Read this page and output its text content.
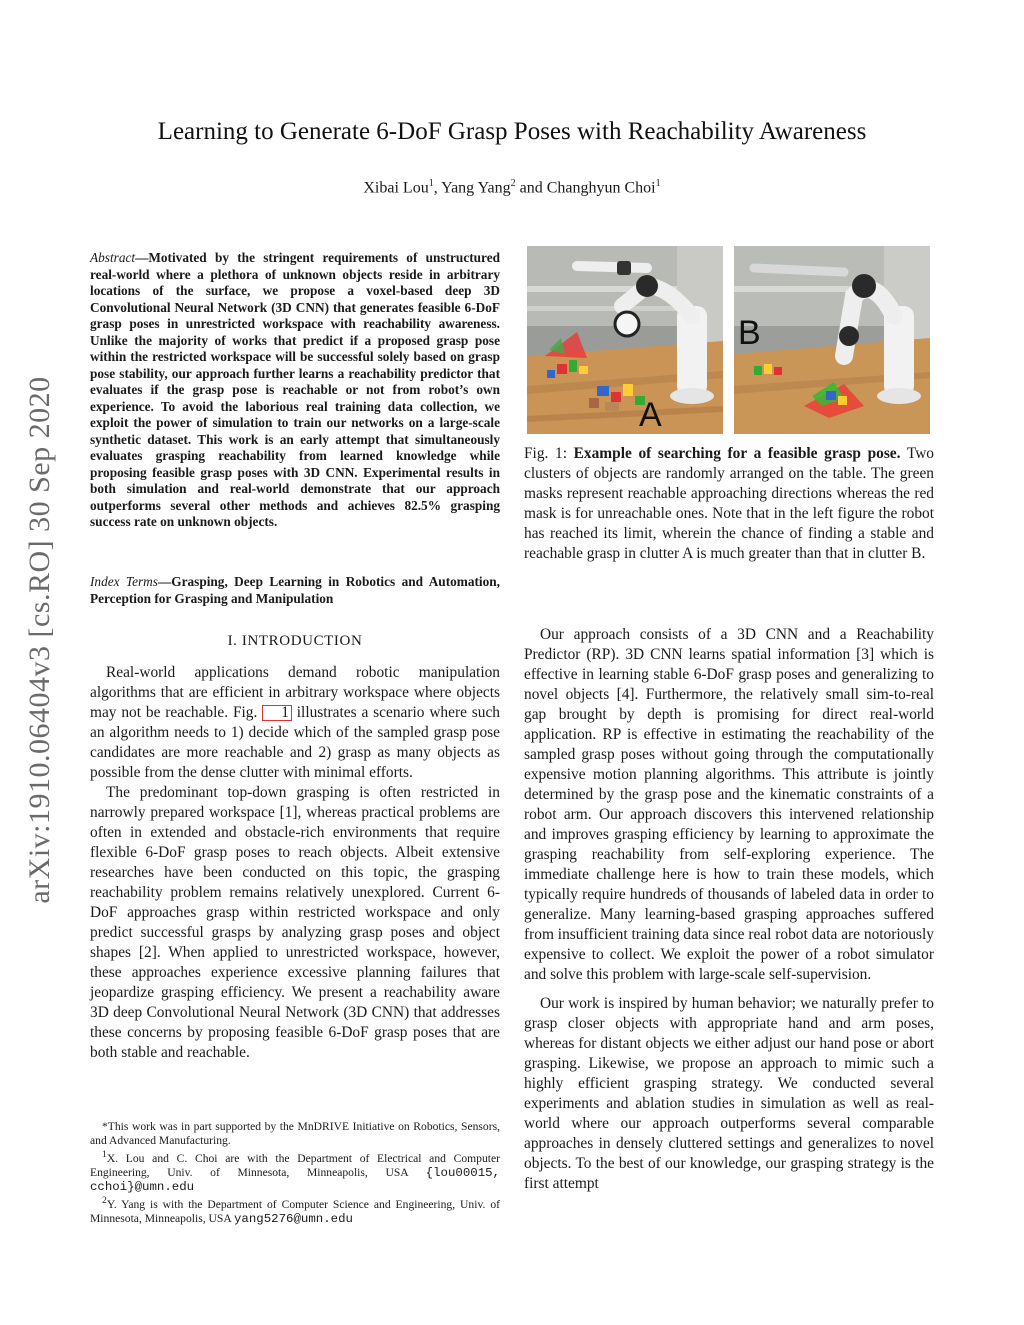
arXiv:1910.06404v3 [cs.RO] 30 Sep 2020
Learning to Generate 6-DoF Grasp Poses with Reachability Awareness
Xibai Lou$^1$, Yang Yang$^2$ and Changhyun Choi$^1$
Abstract—Motivated by the stringent requirements of unstructured real-world where a plethora of unknown objects reside in arbitrary locations of the surface, we propose a voxel-based deep 3D Convolutional Neural Network (3D CNN) that generates feasible 6-DoF grasp poses in unrestricted workspace with reachability awareness. Unlike the majority of works that predict if a proposed grasp pose within the restricted workspace will be successful solely based on grasp pose stability, our approach further learns a reachability predictor that evaluates if the grasp pose is reachable or not from robot’s own experience. To avoid the laborious real training data collection, we exploit the power of simulation to train our networks on a large-scale synthetic dataset. This work is an early attempt that simultaneously evaluates grasping reachability from learned knowledge while proposing feasible grasp poses with 3D CNN. Experimental results in both simulation and real-world demonstrate that our approach outperforms several other methods and achieves 82.5% grasping success rate on unknown objects.
Index Terms—Grasping, Deep Learning in Robotics and Automation, Perception for Grasping and Manipulation
I. INTRODUCTION

Real-world applications demand robotic manipulation algorithms that are efficient in arbitrary workspace where objects may not be reachable. Fig. 1 illustrates a scenario where such an algorithm needs to 1) decide which of the sampled grasp pose candidates are more reachable and 2) grasp as many objects as possible from the dense clutter with minimal efforts.

The predominant top-down grasping is often restricted in narrowly prepared workspace [1], whereas practical problems are often in extended and obstacle-rich environments that require flexible 6-DoF grasp poses to reach objects. Albeit extensive researches have been conducted on this topic, the grasping reachability problem remains relatively unexplored. Current 6-DoF approaches grasp within restricted workspace and only predict successful grasps by analyzing grasp poses and object shapes [2]. When applied to unrestricted workspace, however, these approaches experience excessive planning failures that jeopardize grasping efficiency. We present a reachability aware 3D deep Convolutional Neural Network (3D CNN) that addresses these concerns by proposing feasible 6-DoF grasp poses that are both stable and reachable.

*This work was in part supported by the MnDRIVE Initiative on Robotics, Sensors, and Advanced Manufacturing.

$^1$X. Lou and C. Choi are with the Department of Electrical and Computer Engineering, Univ. of Minnesota, Minneapolis, USA {lou00015, cchoi}@umn.edu

$^2$Y. Yang is with the Department of Computer Science and Engineering, Univ. of Minnesota, Minneapolis, USA yang5276@umn.edu

A
B
Fig. 1: Example of searching for a feasible grasp pose. Two clusters of objects are randomly arranged on the table. The green masks represent reachable approaching directions whereas the red mask is for unreachable ones. Note that in the left figure the robot has reached its limit, wherein the chance of finding a stable and reachable grasp in clutter A is much greater than that in clutter B.

Our approach consists of a 3D CNN and a Reachability Predictor (RP). 3D CNN learns spatial information [3] which is effective in learning stable 6-DoF grasp poses and generalizing to novel objects [4]. Furthermore, the relatively small sim-to-real gap brought by depth is promising for direct real-world application. RP is effective in estimating the reachability of the sampled grasp poses without going through the computationally expensive motion planning algorithms. This attribute is jointly determined by the grasp pose and the kinematic constraints of a robot arm. Our approach discovers this intervened relationship and improves grasping efficiency by learning to approximate the grasping reachability from self-exploring experience. The immediate challenge here is how to train these models, which typically require hundreds of thousands of labeled data in order to generalize. Many learning-based grasping approaches suffered from insufficient training data since real robot data are notoriously expensive to collect. We exploit the power of a robot simulator and solve this problem with large-scale self-supervision.

Our work is inspired by human behavior; we naturally prefer to grasp closer objects with appropriate hand and arm poses, whereas for distant objects we either adjust our hand pose or abort grasping. Likewise, we propose an approach to mimic such a highly efficient grasping strategy. We conducted several experiments and ablation studies in simulation as well as real-world where our approach outperforms several comparable approaches in densely cluttered settings and generalizes to novel objects. To the best of our knowledge, our grasping strategy is the first attempt
